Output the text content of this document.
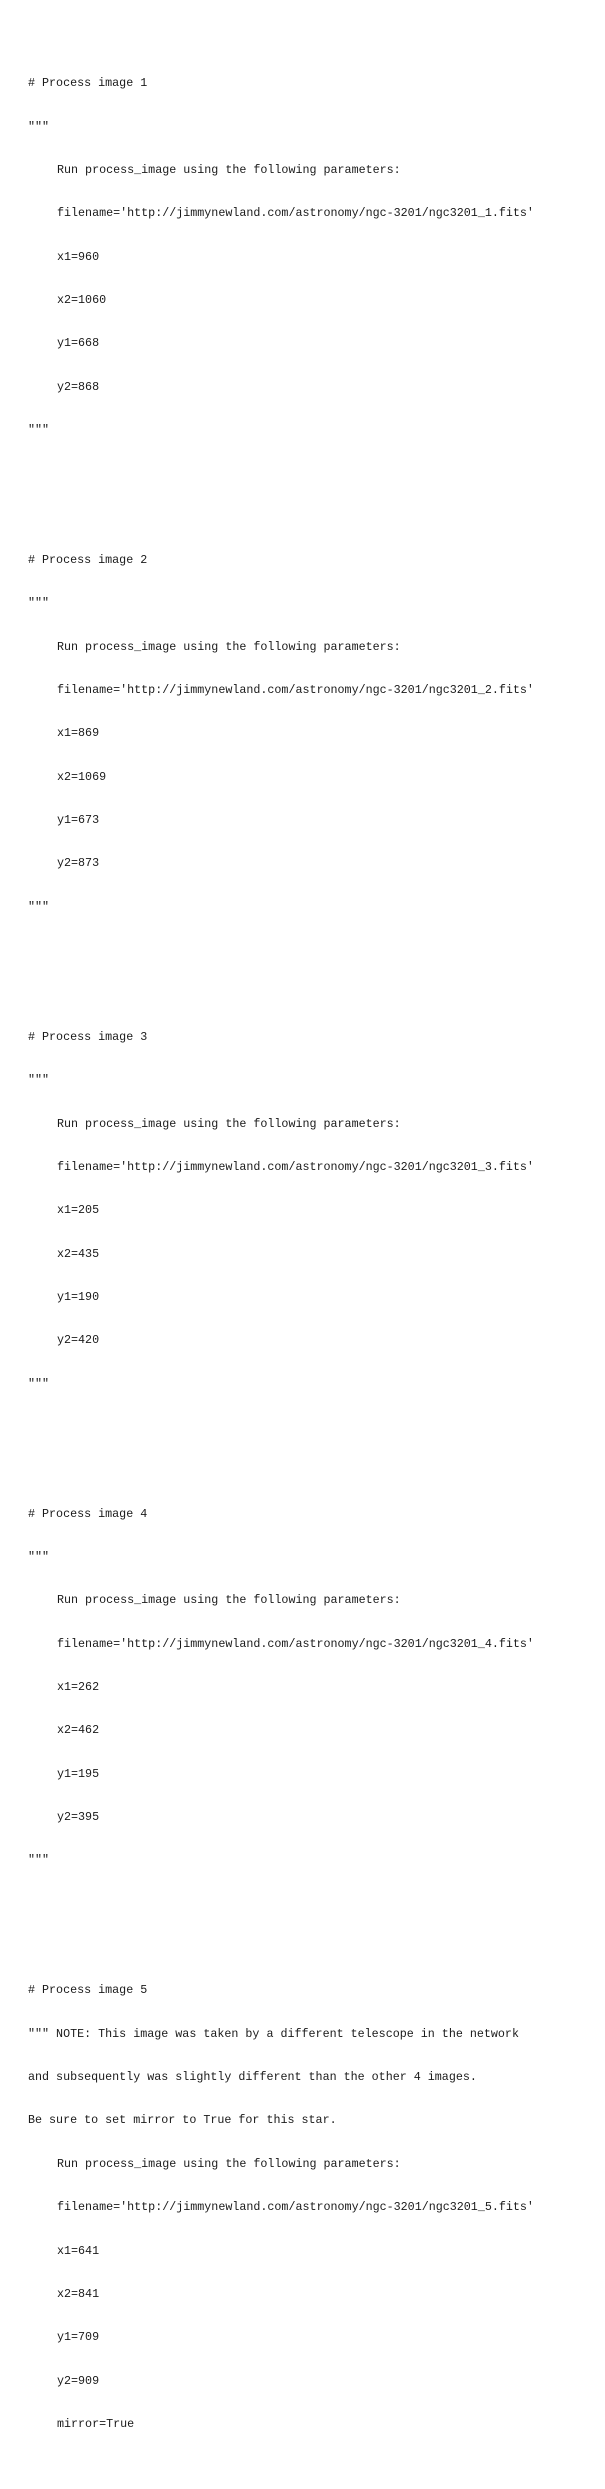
# Process image 1

"""

Run process_image using the following parameters:

filename='http://jimmynewland.com/astronomy/ngc-3201/ngc3201_1.fits'

x1=960

x2=1060

y1=668

y2=868

"""

# Process image 2

"""

Run process_image using the following parameters:

filename='http://jimmynewland.com/astronomy/ngc-3201/ngc3201_2.fits'

x1=869

x2=1069

y1=673

y2=873

"""

# Process image 3

"""

Run process_image using the following parameters:

filename='http://jimmynewland.com/astronomy/ngc-3201/ngc3201_3.fits'

x1=205

x2=435

y1=190

y2=420

"""

# Process image 4

"""

Run process_image using the following parameters:

filename='http://jimmynewland.com/astronomy/ngc-3201/ngc3201_4.fits'

x1=262

x2=462

y1=195

y2=395

"""

# Process image 5

""" NOTE: This image was taken by a different telescope in the network

and subsequently was slightly different than the other 4 images.

Be sure to set mirror to True for this star.

Run process_image using the following parameters:

filename='http://jimmynewland.com/astronomy/ngc-3201/ngc3201_5.fits'

x1=641

x2=841

y1=709

y2=909

mirror=True
